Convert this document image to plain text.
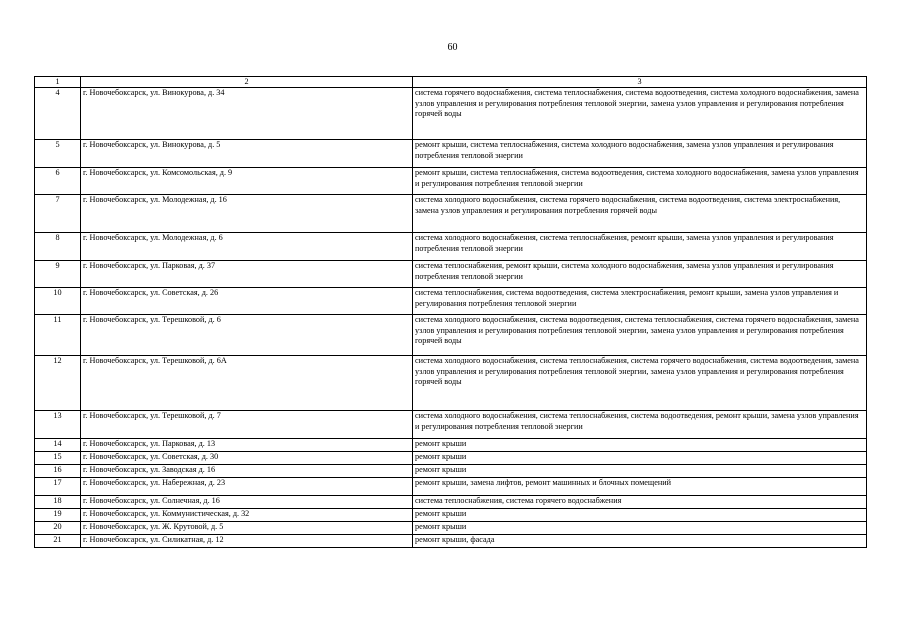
60
1	2	3
4	г. Новочебоксарск, ул. Винокурова, д. 34	система горячего водоснабжения, система теплоснабжения, система водоотведения, система холодного водоснабжения, замена узлов управления и регулирования потребления тепловой энергии, замена узлов управления и регулирования потребления горячей воды
5	г. Новочебоксарск, ул. Винокурова, д. 5	ремонт крыши, система теплоснабжения, система холодного водоснабжения, замена узлов управления и регулирования потребления тепловой энергии
6	г. Новочебоксарск, ул. Комсомольская, д. 9	ремонт крыши, система теплоснабжения, система водоотведения, система холодного водоснабжения, замена узлов управления и регулирования потребления тепловой энергии
7	г. Новочебоксарск, ул. Молодежная, д. 16	система холодного водоснабжения, система горячего водоснабжения, система водоотведения, система электроснабжения, замена узлов управления и регулирования потребления горячей воды
8	г. Новочебоксарск, ул. Молодежная, д. 6	система холодного водоснабжения, система теплоснабжения, ремонт крыши, замена узлов управления и регулирования потребления тепловой энергии
9	г. Новочебоксарск, ул. Парковая, д. 37	система теплоснабжения, ремонт крыши, система холодного водоснабжения, замена узлов управления и регулирования потребления тепловой энергии
10	г. Новочебоксарск, ул. Советская, д. 26	система теплоснабжения, система водоотведения, система электроснабжения, ремонт крыши, замена узлов управления и регулирования потребления тепловой энергии
11	г. Новочебоксарск, ул. Терешковой, д. 6	система холодного водоснабжения, система водоотведения, система теплоснабжения, система горячего водоснабжения, замена узлов управления и регулирования потребления тепловой энергии, замена узлов управления и регулирования потребления горячей воды
12	г. Новочебоксарск, ул. Терешковой, д. 6А	система холодного водоснабжения, система теплоснабжения, система горячего водоснабжения, система водоотведения, замена узлов управления и регулирования потребления тепловой энергии, замена узлов управления и регулирования потребления горячей воды
13	г. Новочебоксарск, ул. Терешковой, д. 7	система холодного водоснабжения, система теплоснабжения, система водоотведения, ремонт крыши, замена узлов управления и регулирования потребления тепловой энергии
14	г. Новочебоксарск, ул. Парковая, д. 13	ремонт крыши
15	г. Новочебоксарск, ул. Советская, д. 30	ремонт крыши
16	г. Новочебоксарск, ул. Заводская д. 16	ремонт крыши
17	г. Новочебоксарск, ул. Набережная, д. 23	ремонт крыши, замена лифтов, ремонт машинных и блочных помещений
18	г. Новочебоксарск, ул. Солнечная, д. 16	система теплоснабжения, система горячего водоснабжения
19	г. Новочебоксарск, ул. Коммунистическая, д. 32	ремонт крыши
20	г. Новочебоксарск, ул. Ж. Крутовой, д. 5	ремонт крыши
21	г. Новочебоксарск, ул. Силикатная, д. 12	ремонт крыши, фасада
